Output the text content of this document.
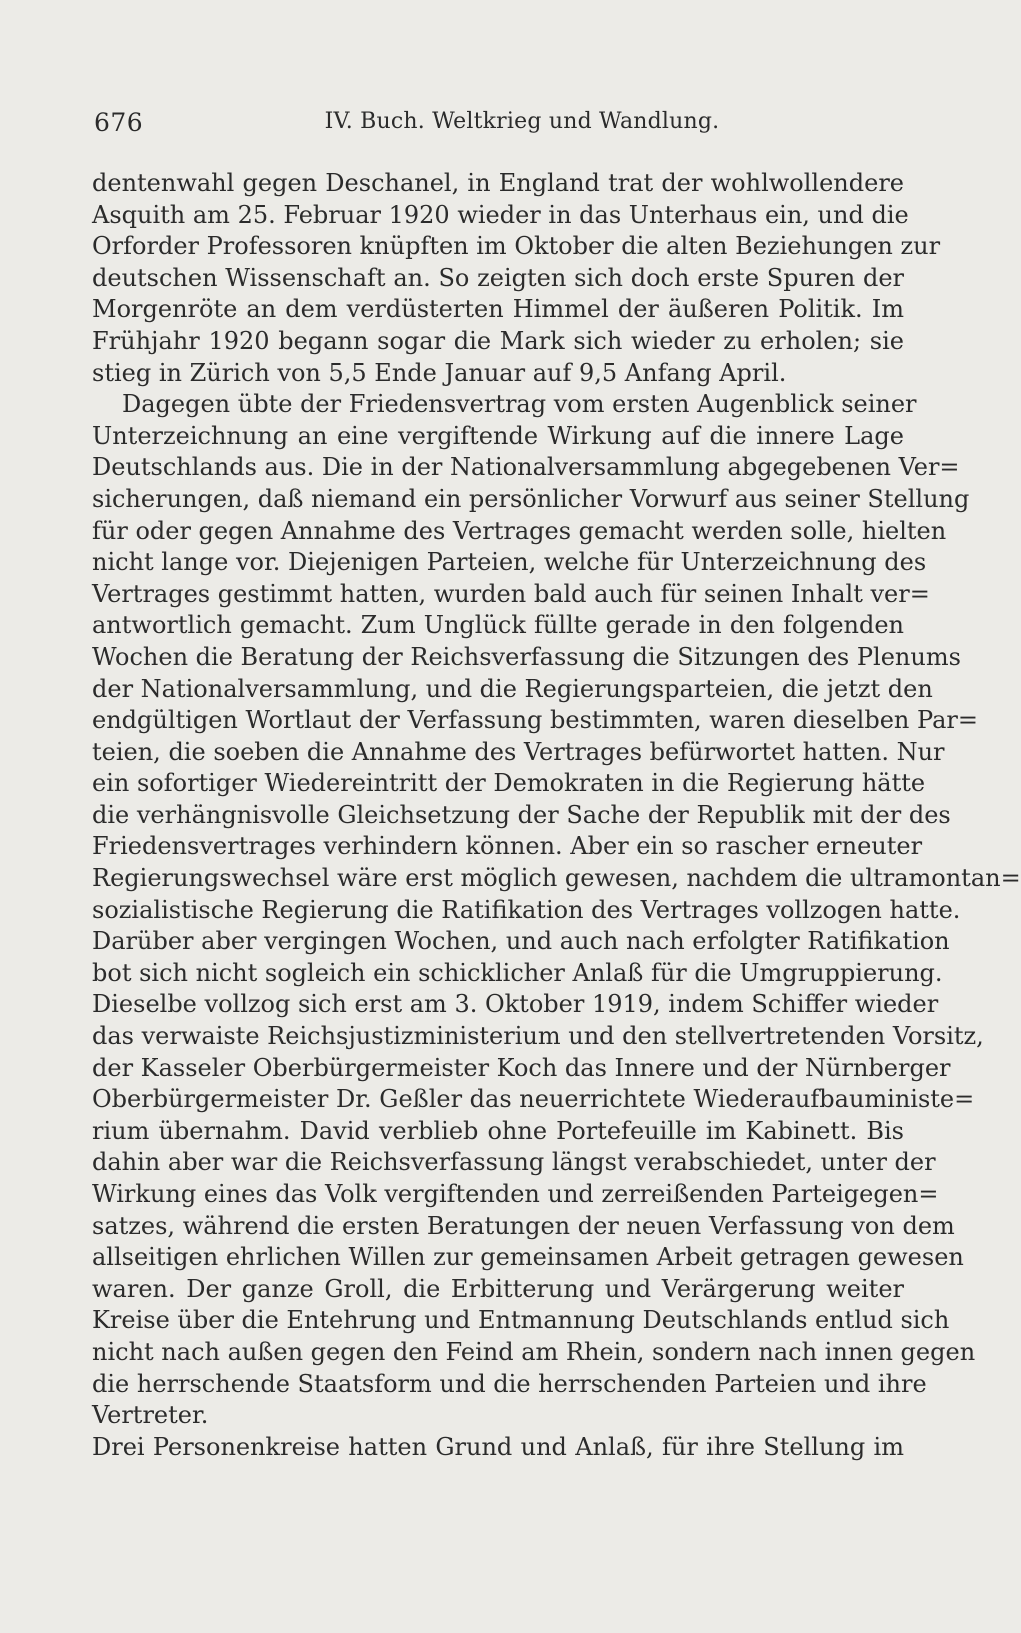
676	IV. Buch. Weltkrieg und Wandlung.
dentenwahl gegen Deschanel, in England trat der wohlwollendere
Asquith am 25. Februar 1920 wieder in das Unterhaus ein, und die
Orforder Professoren knüpften im Oktober die alten Beziehungen zur
deutschen Wissenschaft an. So zeigten sich doch erste Spuren der
Morgenröte an dem verdüsterten Himmel der äußeren Politik. Im
Frühjahr 1920 begann sogar die Mark sich wieder zu erholen; sie
stieg in Zürich von 5,5 Ende Januar auf 9,5 Anfang April.
Dagegen übte der Friedensvertrag vom ersten Augenblick seiner
Unterzeichnung an eine vergiftende Wirkung auf die innere Lage
Deutschlands aus. Die in der Nationalversammlung abgegebenen Ver=
sicherungen, daß niemand ein persönlicher Vorwurf aus seiner Stellung
für oder gegen Annahme des Vertrages gemacht werden solle, hielten
nicht lange vor. Diejenigen Parteien, welche für Unterzeichnung des
Vertrages gestimmt hatten, wurden bald auch für seinen Inhalt ver=
antwortlich gemacht. Zum Unglück füllte gerade in den folgenden
Wochen die Beratung der Reichsverfassung die Sitzungen des Plenums
der Nationalversammlung, und die Regierungsparteien, die jetzt den
endgültigen Wortlaut der Verfassung bestimmten, waren dieselben Par=
teien, die soeben die Annahme des Vertrages befürwortet hatten. Nur
ein sofortiger Wiedereintritt der Demokraten in die Regierung hätte
die verhängnisvolle Gleichsetzung der Sache der Republik mit der des
Friedensvertrages verhindern können. Aber ein so rascher erneuter
Regierungswechsel wäre erst möglich gewesen, nachdem die ultramontan=
sozialistische Regierung die Ratifikation des Vertrages vollzogen hatte.
Darüber aber vergingen Wochen, und auch nach erfolgter Ratifikation
bot sich nicht sogleich ein schicklicher Anlaß für die Umgruppierung.
Dieselbe vollzog sich erst am 3. Oktober 1919, indem Schiffer wieder
das verwaiste Reichsjustizministerium und den stellvertretenden Vorsitz,
der Kasseler Oberbürgermeister Koch das Innere und der Nürnberger
Oberbürgermeister Dr. Geßler das neuerrichtete Wiederaufbauministe=
rium übernahm. David verblieb ohne Portefeuille im Kabinett. Bis
dahin aber war die Reichsverfassung längst verabschiedet, unter der
Wirkung eines das Volk vergiftenden und zerreißenden Parteigegen=
satzes, während die ersten Beratungen der neuen Verfassung von dem
allseitigen ehrlichen Willen zur gemeinsamen Arbeit getragen gewesen
waren. Der ganze Groll, die Erbitterung und Verärgerung weiter
Kreise über die Entehrung und Entmannung Deutschlands entlud sich
nicht nach außen gegen den Feind am Rhein, sondern nach innen gegen
die herrschende Staatsform und die herrschenden Parteien und ihre
Vertreter.
Drei Personenkreise hatten Grund und Anlaß, für ihre Stellung im
